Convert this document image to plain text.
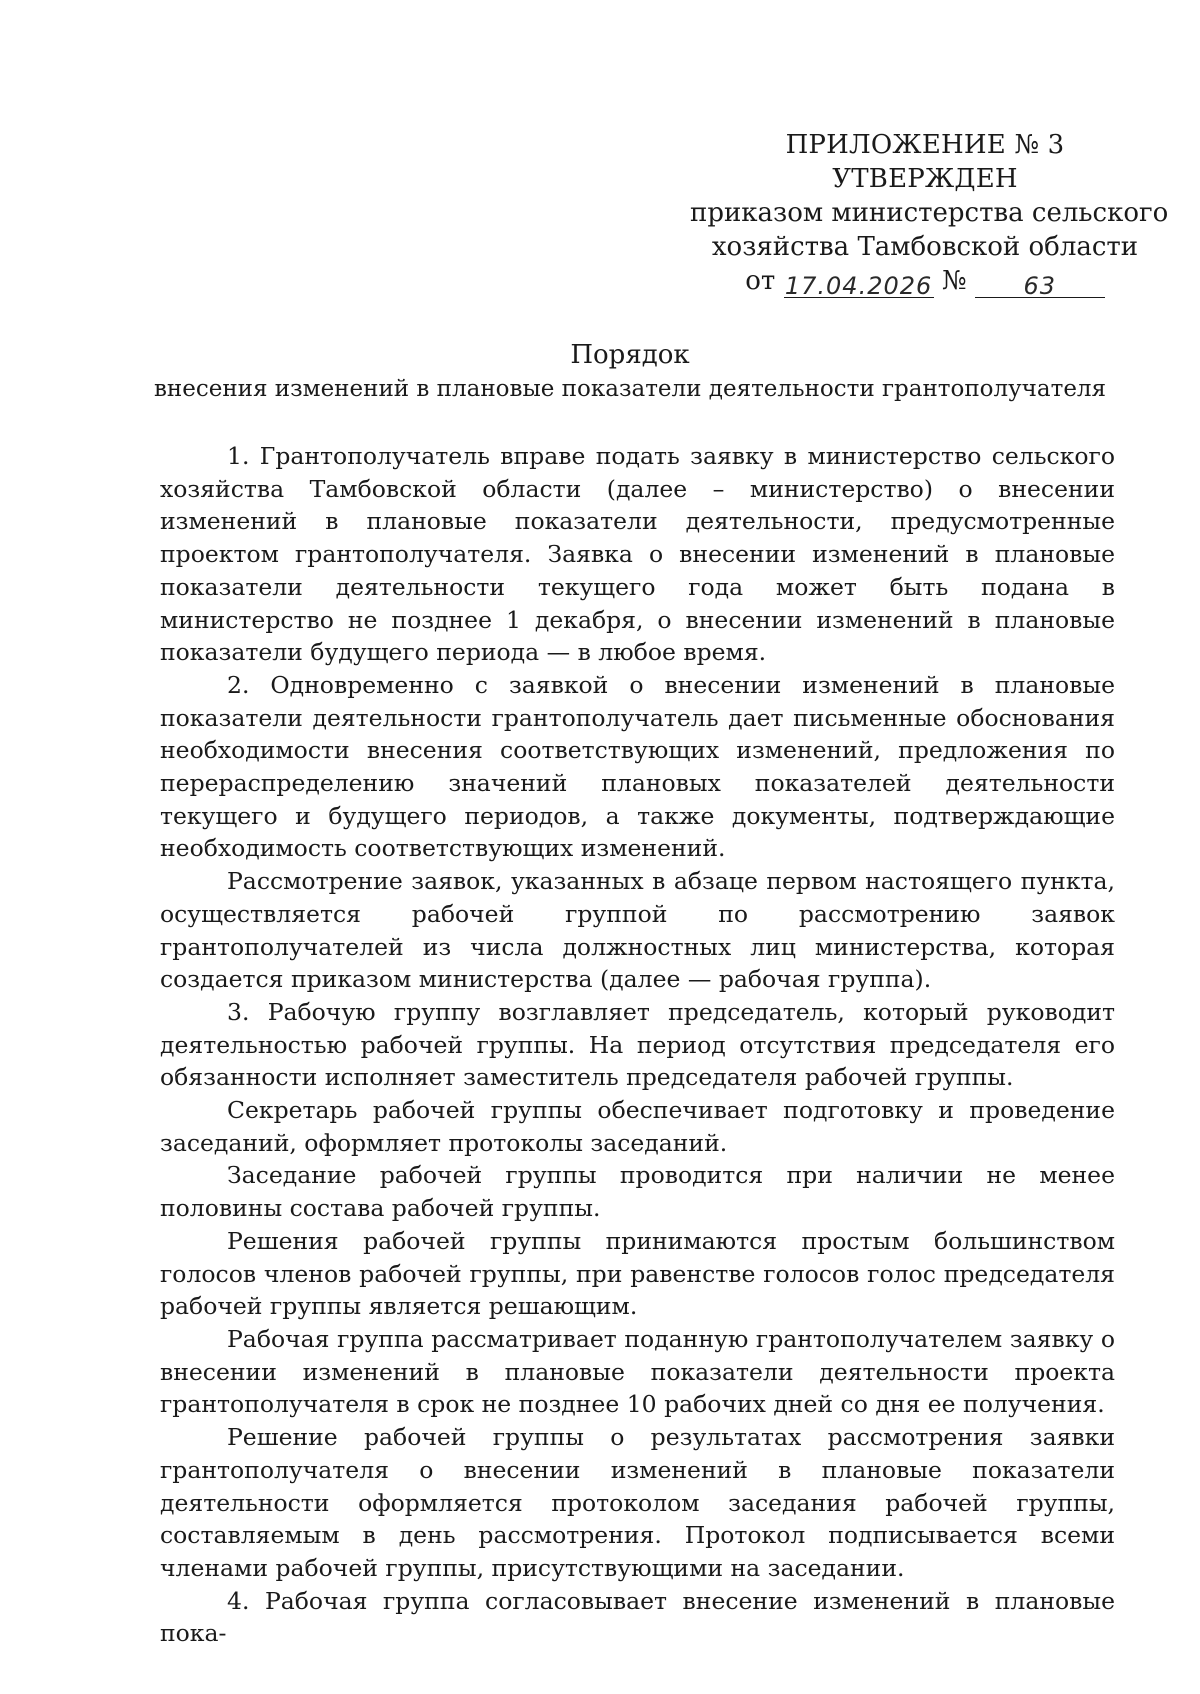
ПРИЛОЖЕНИЕ № 3
УТВЕРЖДЕН
приказом министерства сельского
хозяйства Тамбовской области
от 17.04.2026 № 63
Порядок
внесения изменений в плановые показатели деятельности грантополучателя

1. Грантополучатель вправе подать заявку в министерство сельского хозяйства Тамбовской области (далее – министерство) о внесении изменений в плановые показатели деятельности, предусмотренные проектом грантополучателя. Заявка о внесении изменений в плановые показатели деятельности текущего года может быть подана в министерство не позднее 1 декабря, о внесении изменений в плановые показатели будущего периода — в любое время.

2. Одновременно с заявкой о внесении изменений в плановые показатели деятельности грантополучатель дает письменные обоснования необходимости внесения соответствующих изменений, предложения по перераспределению значений плановых показателей деятельности текущего и будущего периодов, а также документы, подтверждающие необходимость соответствующих изменений.

Рассмотрение заявок, указанных в абзаце первом настоящего пункта, осуществляется рабочей группой по рассмотрению заявок грантополучателей из числа должностных лиц министерства, которая создается приказом министерства (далее — рабочая группа).

3. Рабочую группу возглавляет председатель, который руководит деятельностью рабочей группы. На период отсутствия председателя его обязанности исполняет заместитель председателя рабочей группы.

Секретарь рабочей группы обеспечивает подготовку и проведение заседаний, оформляет протоколы заседаний.

Заседание рабочей группы проводится при наличии не менее половины состава рабочей группы.

Решения рабочей группы принимаются простым большинством голосов членов рабочей группы, при равенстве голосов голос председателя рабочей группы является решающим.

Рабочая группа рассматривает поданную грантополучателем заявку о внесении изменений в плановые показатели деятельности проекта грантополучателя в срок не позднее 10 рабочих дней со дня ее получения.

Решение рабочей группы о результатах рассмотрения заявки грантополучателя о внесении изменений в плановые показатели деятельности оформляется протоколом заседания рабочей группы, составляемым в день рассмотрения. Протокол подписывается всеми членами рабочей группы, присутствующими на заседании.

4. Рабочая группа согласовывает внесение изменений в плановые пока-
